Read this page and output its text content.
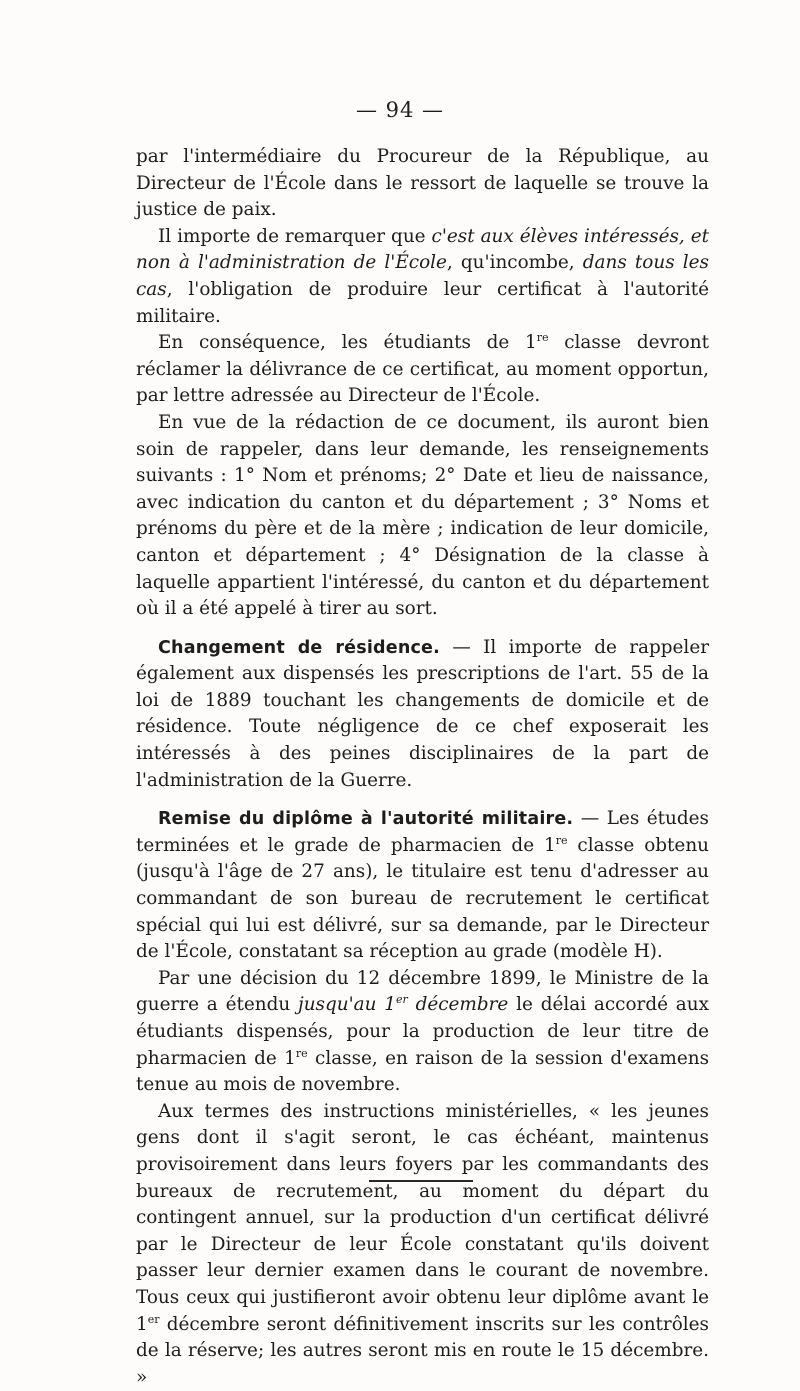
— 94 —

par l'intermédiaire du Procureur de la République, au Directeur de l'École dans le ressort de laquelle se trouve la justice de paix.

Il importe de remarquer que c'est aux élèves intéressés, et non à l'administration de l'École, qu'incombe, dans tous les cas, l'obligation de produire leur certificat à l'autorité militaire.

En conséquence, les étudiants de 1re classe devront réclamer la délivrance de ce certificat, au moment opportun, par lettre adressée au Directeur de l'École.

En vue de la rédaction de ce document, ils auront bien soin de rappeler, dans leur demande, les renseignements suivants : 1° Nom et prénoms; 2° Date et lieu de naissance, avec indication du canton et du département ; 3° Noms et prénoms du père et de la mère ; indication de leur domicile, canton et département ; 4° Désignation de la classe à laquelle appartient l'intéressé, du canton et du département où il a été appelé à tirer au sort.

Changement de résidence. — Il importe de rappeler également aux dispensés les prescriptions de l'art. 55 de la loi de 1889 touchant les changements de domicile et de résidence. Toute négligence de ce chef exposerait les intéressés à des peines disciplinaires de la part de l'administration de la Guerre.

Remise du diplôme à l'autorité militaire. — Les études terminées et le grade de pharmacien de 1re classe obtenu (jusqu'à l'âge de 27 ans), le titulaire est tenu d'adresser au commandant de son bureau de recrutement le certificat spécial qui lui est délivré, sur sa demande, par le Directeur de l'École, constatant sa réception au grade (modèle H).

Par une décision du 12 décembre 1899, le Ministre de la guerre a étendu jusqu'au 1er décembre le délai accordé aux étudiants dispensés, pour la production de leur titre de pharmacien de 1re classe, en raison de la session d'examens tenue au mois de novembre.

Aux termes des instructions ministérielles, « les jeunes gens dont il s'agit seront, le cas échéant, maintenus provisoirement dans leurs foyers par les commandants des bureaux de recrutement, au moment du départ du contingent annuel, sur la production d'un certificat délivré par le Directeur de leur École constatant qu'ils doivent passer leur dernier examen dans le courant de novembre. Tous ceux qui justifieront avoir obtenu leur diplôme avant le 1er décembre seront définitivement inscrits sur les contrôles de la réserve; les autres seront mis en route le 15 décembre. »
